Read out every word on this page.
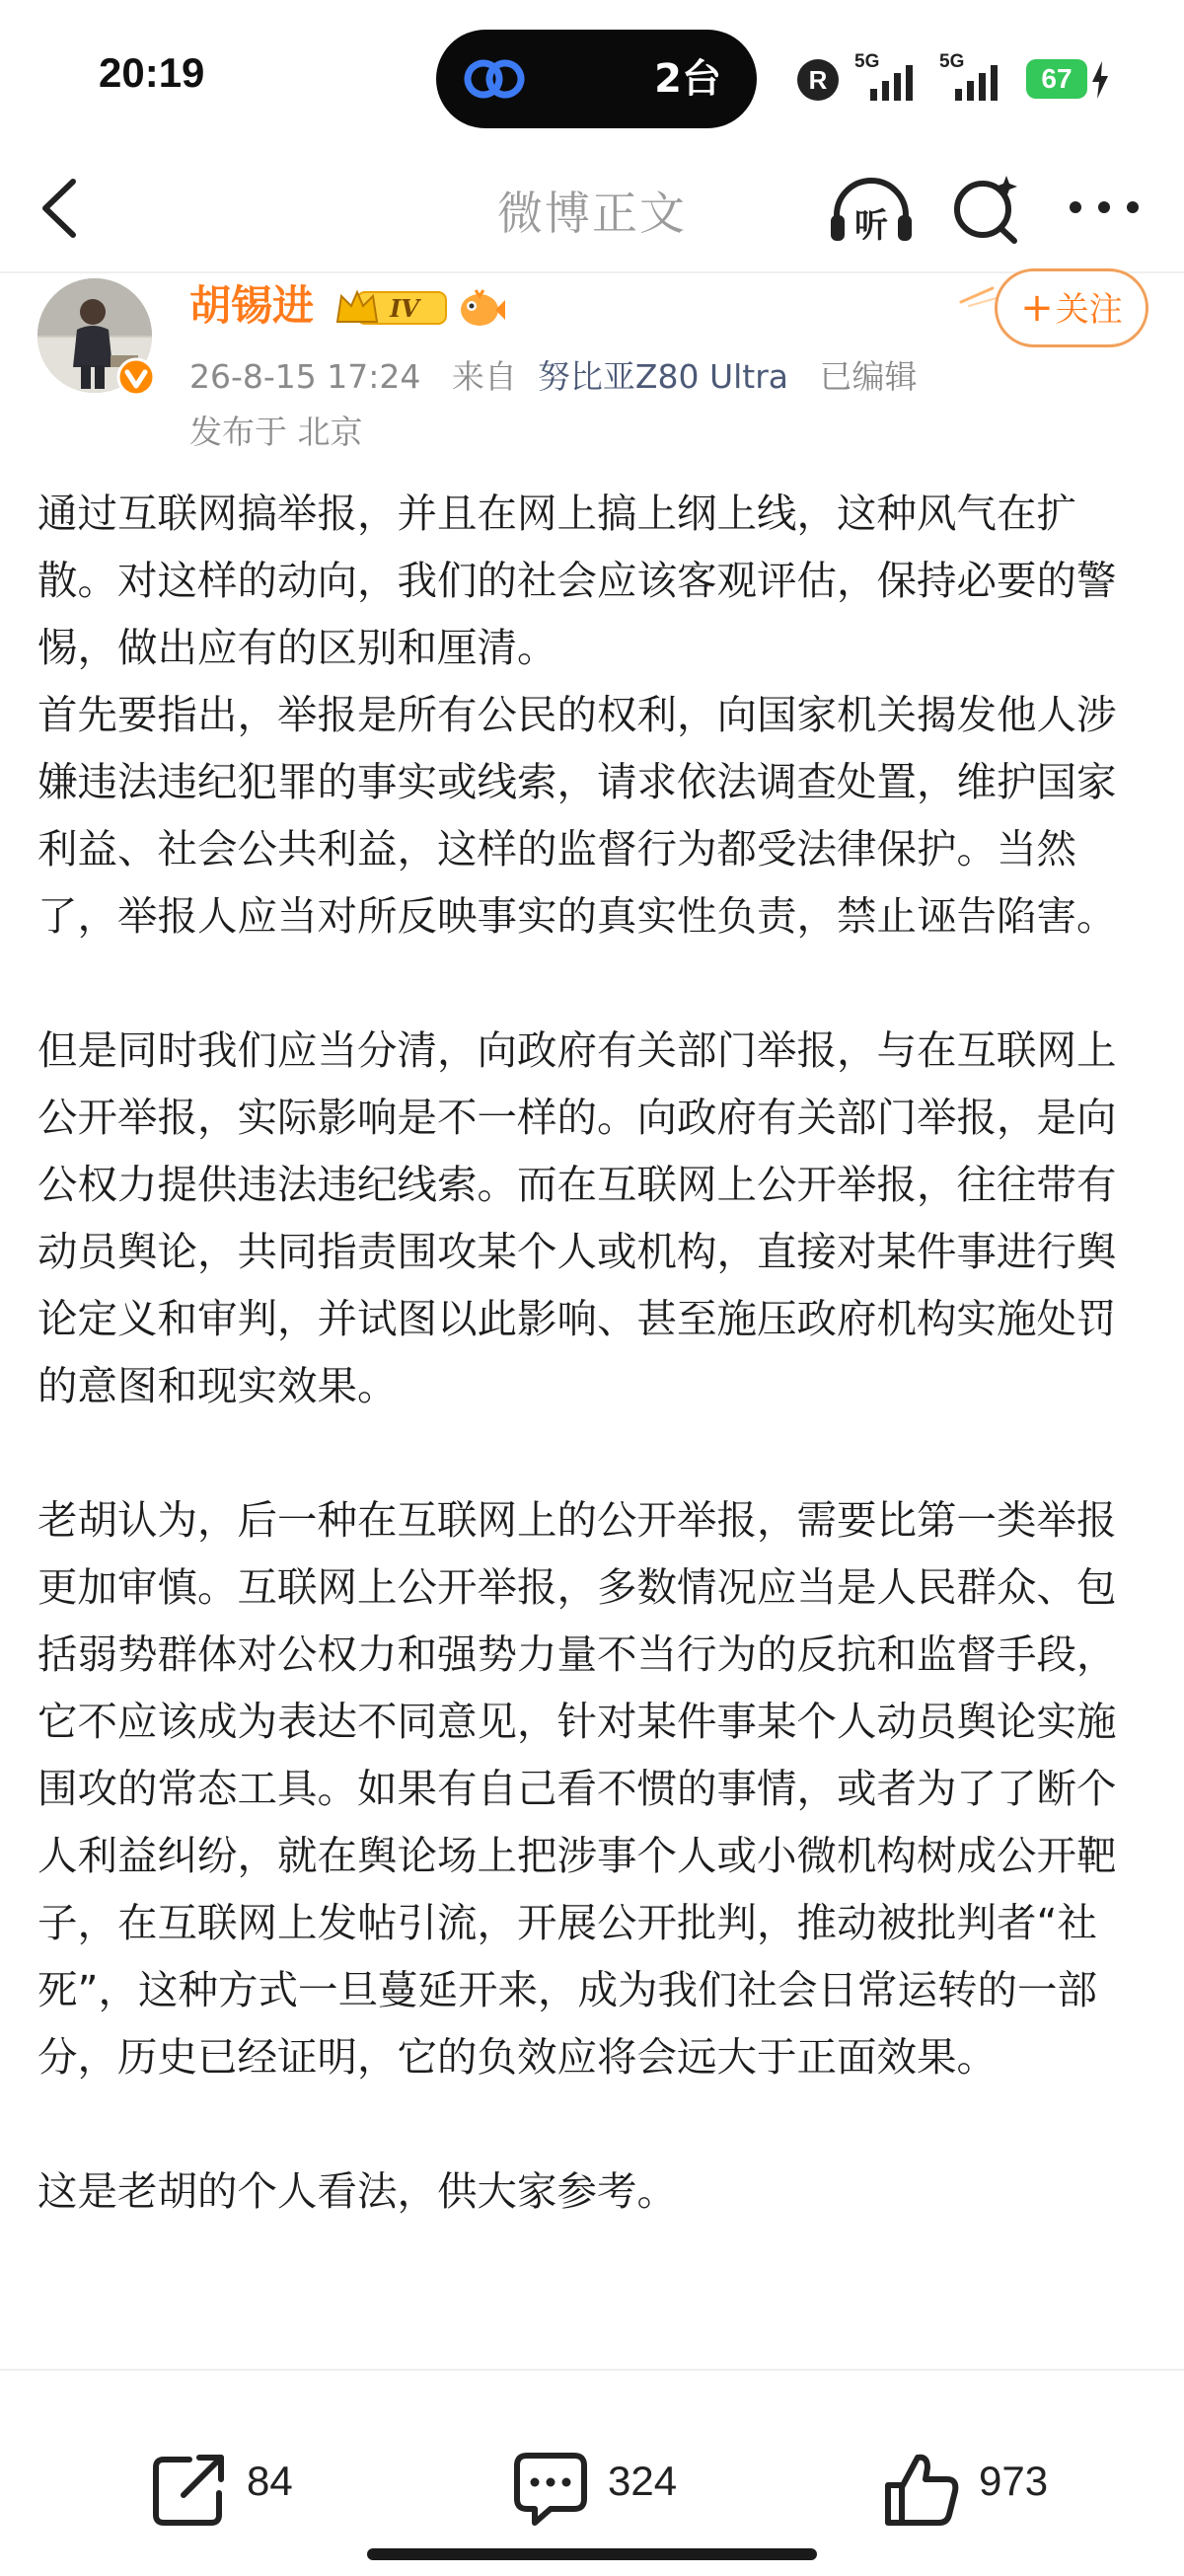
20:19	2台	R
5G	5G
67
微博正文	听
胡锡进	IV	+关注
26-8-15 17:24 来自 努比亚Z80 Ultra 已编辑
发布于 北京

通过互联网搞举报，并且在网上搞上纲上线，这种风气在扩散。对这样的动向，我们的社会应该客观评估，保持必要的警惕，做出应有的区别和厘清。

首先要指出，举报是所有公民的权利，向国家机关揭发他人涉嫌违法违纪犯罪的事实或线索，请求依法调查处置，维护国家利益、社会公共利益，这样的监督行为都受法律保护。当然了，举报人应当对所反映事实的真实性负责，禁止诬告陷害。

但是同时我们应当分清，向政府有关部门举报，与在互联网上公开举报，实际影响是不一样的。向政府有关部门举报，是向公权力提供违法违纪线索。而在互联网上公开举报，往往带有动员舆论，共同指责围攻某个人或机构，直接对某件事进行舆论定义和审判，并试图以此影响、甚至施压政府机构实施处罚的意图和现实效果。

老胡认为，后一种在互联网上的公开举报，需要比第一类举报更加审慎。互联网上公开举报，多数情况应当是人民群众、包括弱势群体对公权力和强势力量不当行为的反抗和监督手段，它不应该成为表达不同意见，针对某件事某个人动员舆论实施围攻的常态工具。如果有自己看不惯的事情，或者为了了断个人利益纠纷，就在舆论场上把涉事个人或小微机构树成公开靶子，在互联网上发帖引流，开展公开批判，推动被批判者“社死”，这种方式一旦蔓延开来，成为我们社会日常运转的一部分，历史已经证明，它的负效应将会远大于正面效果。

这是老胡的个人看法，供大家参考。

84	324	973
